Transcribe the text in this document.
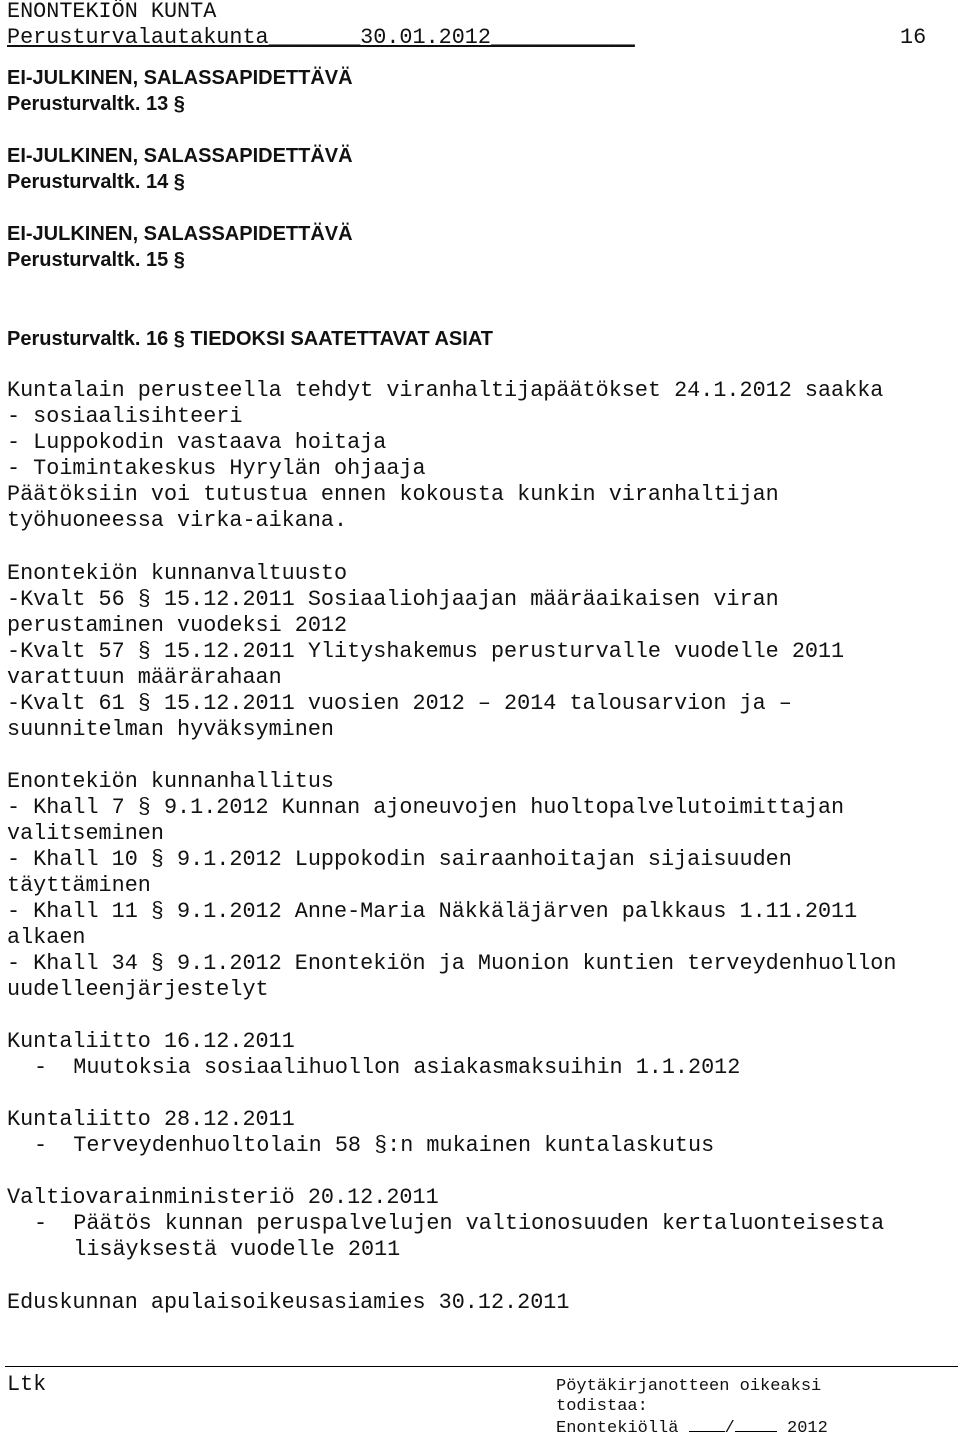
ENONTEKIÖN KUNTA
Perusturvalautakunta_______30.01.2012___________	16
EI-JULKINEN, SALASSAPIDETTÄVÄ
Perusturvaltk. 13 §
EI-JULKINEN, SALASSAPIDETTÄVÄ
Perusturvaltk. 14 §
EI-JULKINEN, SALASSAPIDETTÄVÄ
Perusturvaltk. 15 §
Perusturvaltk. 16 § TIEDOKSI SAATETTAVAT ASIAT
Kuntalain perusteella tehdyt viranhaltijapäätökset 24.1.2012 saakka
- sosiaalisihteeri
- Luppokodin vastaava hoitaja
- Toimintakeskus Hyrylän ohjaaja
Päätöksiin voi tutustua ennen kokousta kunkin viranhaltijan
työhuoneessa virka-aikana.
Enontekiön kunnanvaltuusto
-Kvalt 56 § 15.12.2011 Sosiaaliohjaajan määräaikaisen viran
perustaminen vuodeksi 2012
-Kvalt 57 § 15.12.2011 Ylityshakemus perusturvalle vuodelle 2011
varattuun määrärahaan
-Kvalt 61 § 15.12.2011 vuosien 2012 – 2014 talousarvion ja –
suunnitelman hyväksyminen
Enontekiön kunnanhallitus
- Khall 7 § 9.1.2012 Kunnan ajoneuvojen huoltopalvelutoimittajan
valitseminen
- Khall 10 § 9.1.2012 Luppokodin sairaanhoitajan sijaisuuden
täyttäminen
- Khall 11 § 9.1.2012 Anne-Maria Näkkäläjärven palkkaus 1.11.2011
alkaen
- Khall 34 § 9.1.2012 Enontekiön ja Muonion kuntien terveydenhuollon
uudelleenjärjestelyt
Kuntaliitto 16.12.2011
-  Muutoksia sosiaalihuollon asiakasmaksuihin 1.1.2012
Kuntaliitto 28.12.2011
-  Terveydenhuoltolain 58 §:n mukainen kuntalaskutus
Valtiovarainministeriö 20.12.2011
-  Päätös kunnan peruspalvelujen valtionosuuden kertaluonteisesta
lisäyksestä vuodelle 2011
Eduskunnan apulaisoikeusasiamies 30.12.2011
Ltk	Pöytäkirjanotteen oikeaksi
todistaa:
Enontekiöllä	/	2012
